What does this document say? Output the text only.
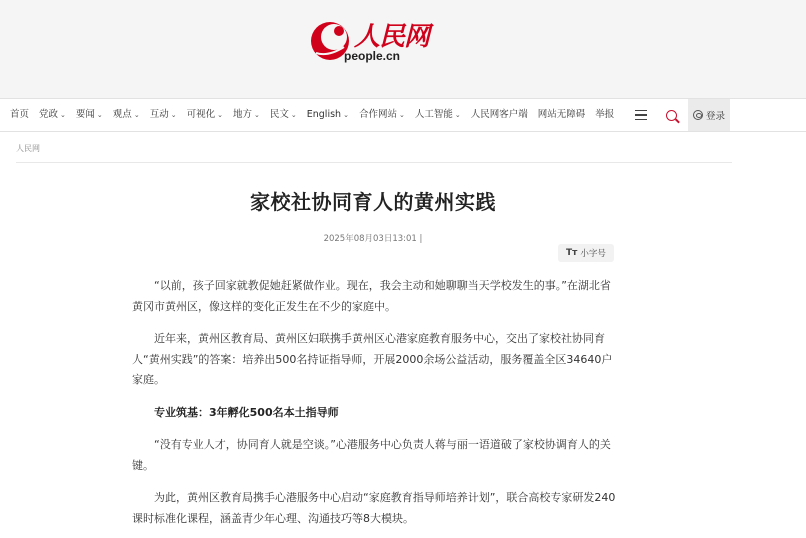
人民网
people.cn
首页 党政 ⌄ 要闻 ⌄ 观点 ⌄ 互动 ⌄ 可视化 ⌄ 地方 ⌄ 民文 ⌄ English ⌄ 合作网站 ⌄ 人工智能 ⌄ 人民网客户端 网站无障碍 举报	登录
人民网
家校社协同育人的黄州实践
2025年08月03日13:01 |
Tт 小字号

“以前，孩子回家就教促她赶紧做作业。现在，我会主动和她聊聊当天学校发生的事。”在湖北省黄冈市黄州区，像这样的变化正发生在不少的家庭中。

近年来，黄州区教育局、黄州区妇联携手黄州区心港家庭教育服务中心，交出了家校社协同育人“黄州实践”的答案：培养出500名持证指导师，开展2000余场公益活动，服务覆盖全区34640户家庭。

专业筑基：3年孵化500名本土指导师

“没有专业人才，协同育人就是空谈。”心港服务中心负责人蒋与丽一语道破了家校协调育人的关键。

为此，黄州区教育局携手心港服务中心启动“家庭教育指导师培养计划”，联合高校专家研发240课时标准化课程，涵盖青少年心理、沟通技巧等8大模块。
